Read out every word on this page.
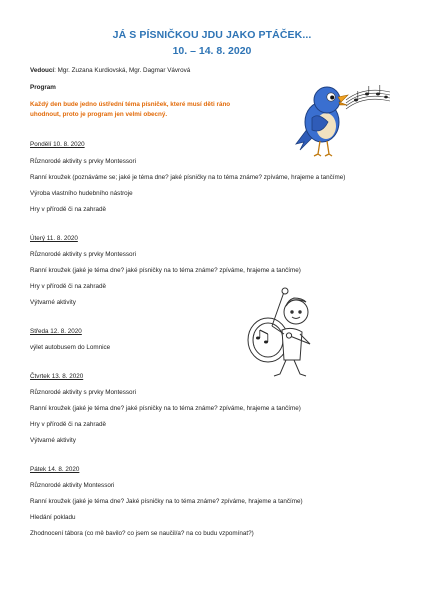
JÁ S PÍSNIČKOU JDU JAKO PTÁČEK...
10. – 14. 8. 2020
Vedoucí: Mgr. Zuzana Kurdiovská, Mgr. Dagmar Vávrová
Program
Každý den bude jedno ústřední téma písniček, které musí děti ráno
uhodnout, proto je program jen velmi obecný.
Pondělí 10. 8. 2020
Různorodé aktivity s prvky Montessori
Ranní kroužek (poznáváme se; jaké je téma dne? jaké písničky na to téma známe? zpíváme, hrajeme a tančíme)
Výroba vlastního hudebního nástroje
Hry v přírodě či na zahradě
Úterý 11. 8. 2020
Různorodé aktivity s prvky Montessori
Ranní kroužek (jaké je téma dne? jaké písničky na to téma známe? zpíváme, hrajeme a tančíme)
Hry v přírodě či na zahradě
Výtvarné aktivity
Středa 12. 8. 2020
výlet autobusem do Lomnice
Čtvrtek 13. 8. 2020
Různorodé aktivity s prvky Montessori
Ranní kroužek (jaké je téma dne? jaké písničky na to téma známe? zpíváme, hrajeme a tančíme)
Hry v přírodě či na zahradě
Výtvarné aktivity
Pátek 14. 8. 2020
Různorodé aktivity Montessori
Ranní kroužek (jaké je téma dne? Jaké písničky na to téma známe? zpíváme, hrajeme a tančíme)
Hledání pokladu
Zhodnocení tábora (co mě bavilo? co jsem se naučil/a? na co budu vzpomínat?)
